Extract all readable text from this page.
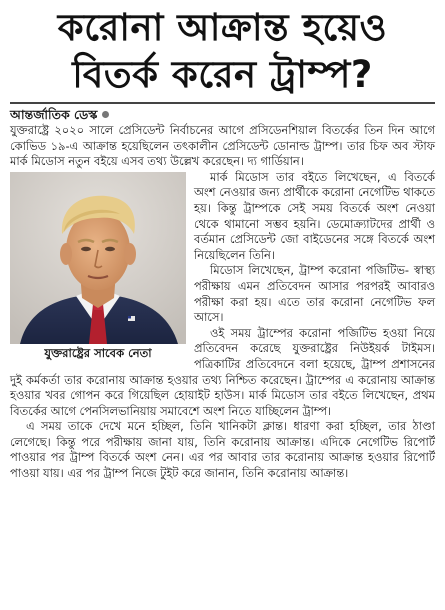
করোনা আক্রান্ত হয়েও
বিতর্ক করেন ট্রাম্প?
আন্তর্জাতিক ডেস্ক

যুক্তরাষ্ট্রে ২০২০ সালে প্রেসিডেন্ট নির্বাচনের আগে প্রসিডেনশিয়াল বিতর্কের তিন দিন আগে কোভিড ১৯-এ আক্রান্ত হয়েছিলেন তৎকালীন প্রেসিডেন্ট ডোনাল্ড ট্রাম্প। তার চিফ অব স্টাফ মার্ক মিডোস নতুন বইয়ে এসব তথ্য উল্লেখ করেছেন। দ্য গার্ডিয়ান।

যুক্তরাষ্ট্রের সাবেক নেতা

মার্ক মিডোস তার বইতে লিখেছেন, এ বিতর্কে অংশ নেওয়ার জন্য প্রার্থীকে করোনা নেগেটিভ থাকতে হয়। কিন্তু ট্রাম্পকে সেই সময় বিতর্কে অংশ নেওয়া থেকে থামানো সম্ভব হয়নি। ডেমোক্র্যাটদের প্রার্থী ও বর্তমান প্রেসিডেন্ট জো বাইডেনের সঙ্গে বিতর্কে অংশ নিয়েছিলেন তিনি।

মিডোস লিখেছেন, ট্রাম্প করোনা পজিটিভ- স্বাস্থ্য পরীক্ষায় এমন প্রতিবেদন আসার পরপরই আবারও পরীক্ষা করা হয়। এতে তার করোনা নেগেটিভ ফল আসে।

ওই সময় ট্রাম্পের করোনা পজিটিভ হওয়া নিয়ে প্রতিবেদন করেছে যুক্তরাষ্ট্রের নিউইয়র্ক টাইমস। পত্রিকাটির প্রতিবেদনে বলা হয়েছে, ট্রাম্প প্রশাসনের দুই কর্মকর্তা তার করোনায় আক্রান্ত হওয়ার তথ্য নিশ্চিত করেছেন। ট্রাম্পের এ করোনায় আক্রান্ত হওয়ার খবর গোপন করে গিয়েছিল হোয়াইট হাউস। মার্ক মিডোস তার বইতে লিখেছেন, প্রথম বিতর্কের আগে পেনসিলভানিয়ায় সমাবেশে অংশ নিতে যাচ্ছিলেন ট্রাম্প।

এ সময় তাকে দেখে মনে হচ্ছিল, তিনি খানিকটা ক্লান্ত। ধারণা করা হচ্ছিল, তার ঠাণ্ডা লেগেছে। কিন্তু পরে পরীক্ষায় জানা যায়, তিনি করোনায় আক্রান্ত। এদিকে নেগেটিভ রিপোর্ট পাওয়ার পর ট্রাম্প বিতর্কে অংশ নেন। এর পর আবার তার করোনায় আক্রান্ত হওয়ার রিপোর্ট পাওয়া যায়। এর পর ট্রাম্প নিজে টুইট করে জানান, তিনি করোনায় আক্রান্ত।
